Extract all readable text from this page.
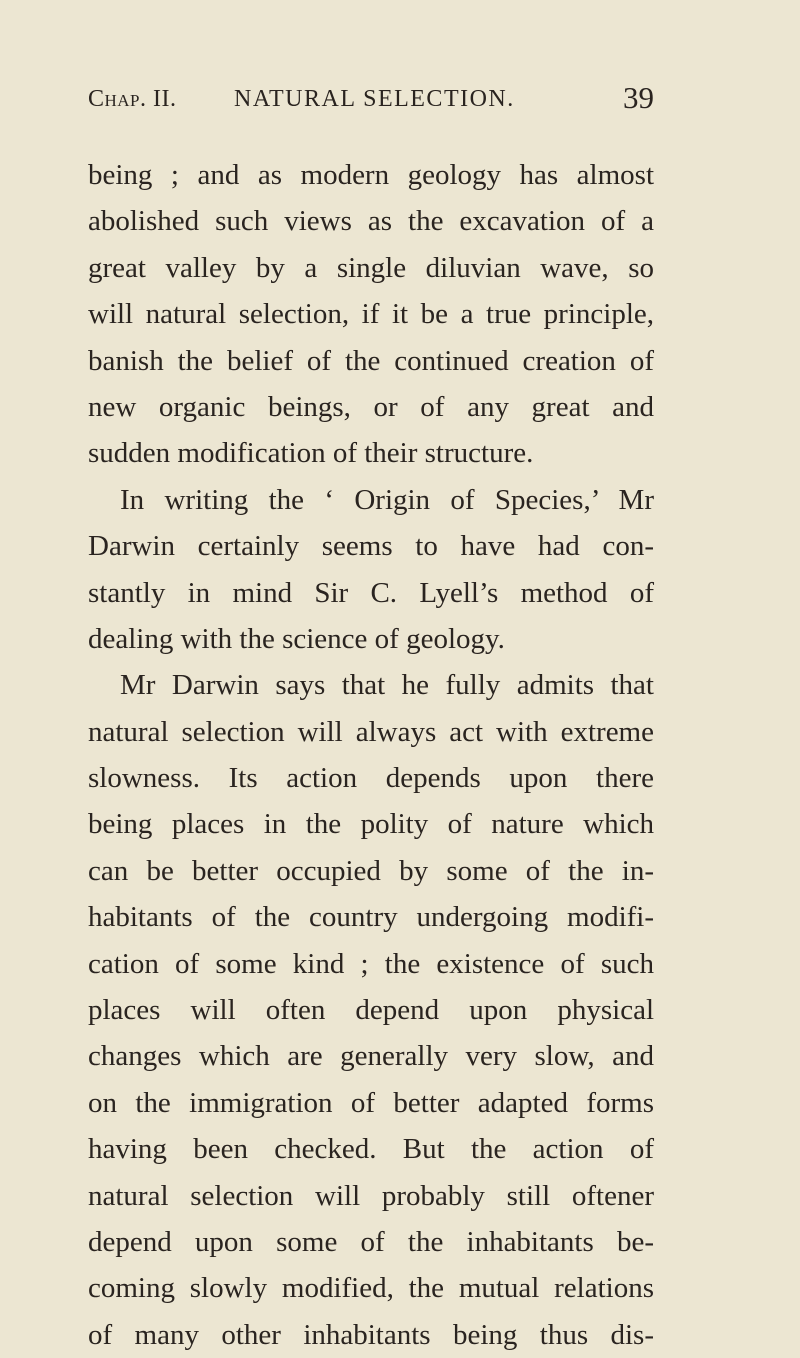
Chap. II. NATURAL SELECTION.	39
being ; and as modern geology has almost
abolished such views as the excavation of a
great valley by a single diluvian wave, so
will natural selection, if it be a true principle,
banish the belief of the continued creation of
new organic beings, or of any great and
sudden modification of their structure.
In writing the ‘ Origin of Species,’ Mr
Darwin certainly seems to have had con-
stantly in mind Sir C. Lyell’s method of
dealing with the science of geology.
Mr Darwin says that he fully admits that
natural selection will always act with extreme
slowness. Its action depends upon there
being places in the polity of nature which
can be better occupied by some of the in-
habitants of the country undergoing modifi-
cation of some kind ; the existence of such
places will often depend upon physical
changes which are generally very slow, and
on the immigration of better adapted forms
having been checked. But the action of
natural selection will probably still oftener
depend upon some of the inhabitants be-
coming slowly modified, the mutual relations
of many other inhabitants being thus dis-
